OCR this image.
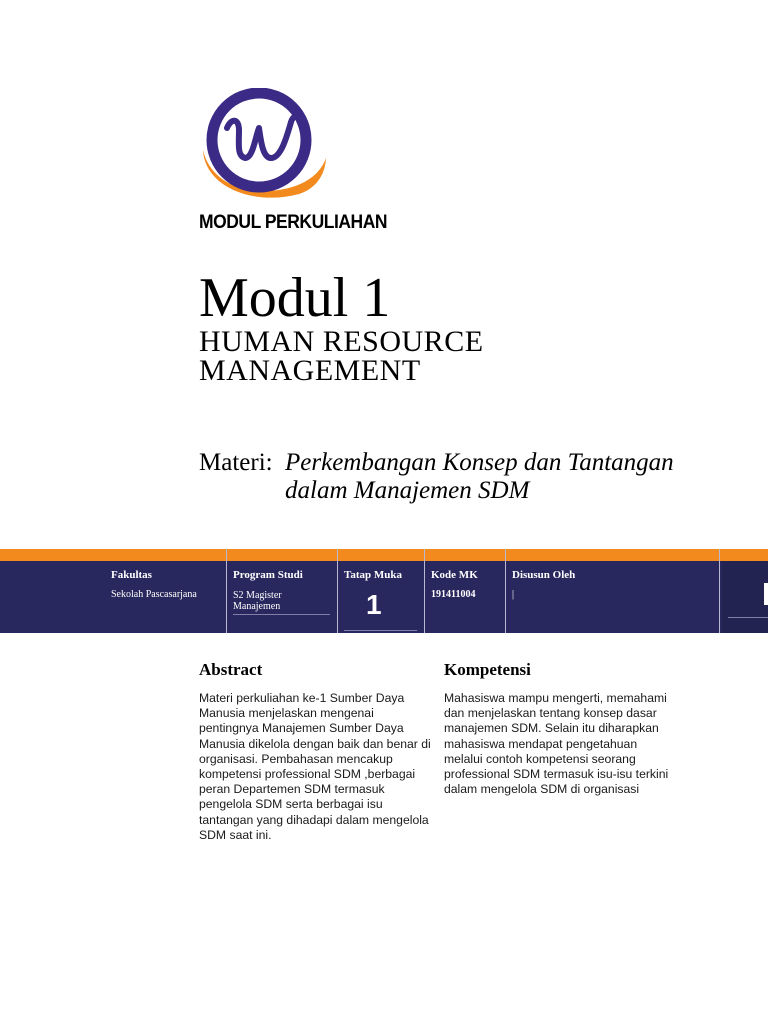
MODUL PERKULIAHAN
Modul 1
HUMAN RESOURCE MANAGEMENT
Materi: Perkembangan Konsep dan Tantangan dalam Manajemen SDM
Fakultas
Sekolah Pascasarjana
Program Studi
S2 Magister Manajemen
Tatap Muka
1
Kode MK
191411004
Disusun Oleh
|
Abstract
Materi perkuliahan ke-1 Sumber Daya Manusia menjelaskan mengenai pentingnya Manajemen Sumber Daya Manusia dikelola dengan baik dan benar di organisasi. Pembahasan mencakup kompetensi professional SDM ,berbagai peran Departemen SDM termasuk pengelola SDM serta berbagai isu tantangan yang dihadapi dalam mengelola SDM saat ini.
Kompetensi
Mahasiswa mampu mengerti, memahami dan menjelaskan tentang konsep dasar manajemen SDM. Selain itu diharapkan mahasiswa mendapat pengetahuan melalui contoh kompetensi seorang professional SDM termasuk isu-isu terkini dalam mengelola SDM di organisasi
